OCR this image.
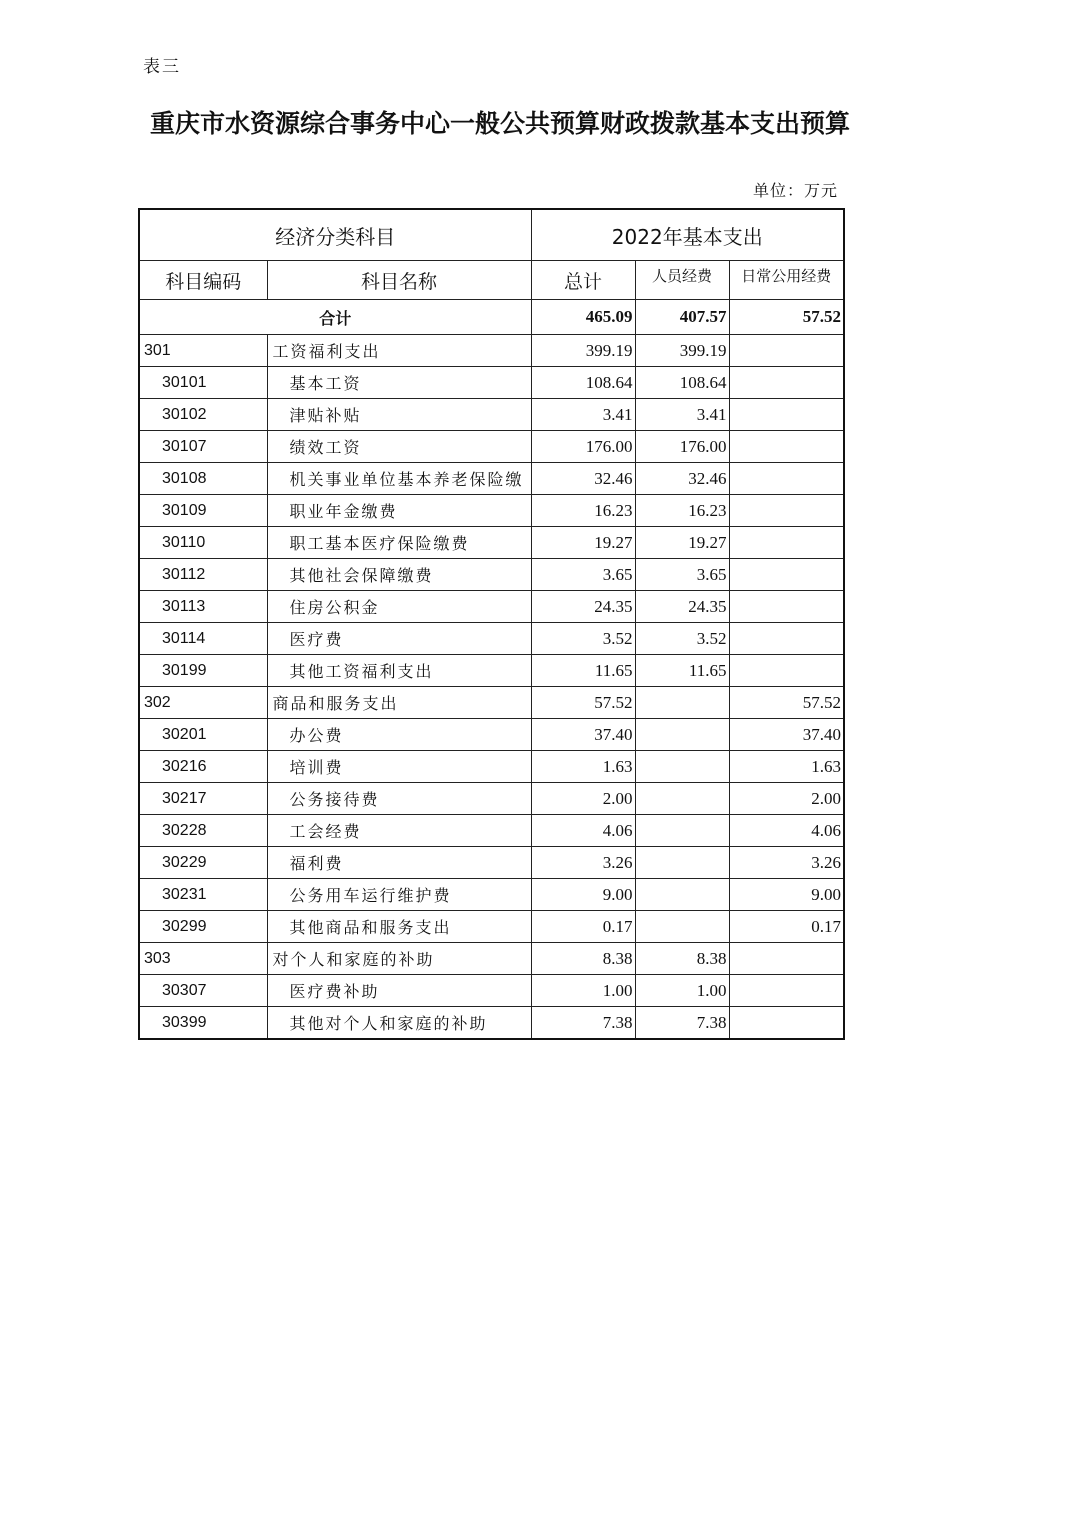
表三
重庆市水资源综合事务中心一般公共预算财政拨款基本支出预算
单位：万元
经济分类科目		2022年基本支出		
科目编码	科目名称	总计	人员经费	日常公用经费
合计		465.09	407.57	57.52
301	工资福利支出	399.19	399.19	
30101	基本工资	108.64	108.64	
30102	津贴补贴	3.41	3.41	
30107	绩效工资	176.00	176.00	
30108	机关事业单位基本养老保险缴	32.46	32.46	
30109	职业年金缴费	16.23	16.23	
30110	职工基本医疗保险缴费	19.27	19.27	
30112	其他社会保障缴费	3.65	3.65	
30113	住房公积金	24.35	24.35	
30114	医疗费	3.52	3.52	
30199	其他工资福利支出	11.65	11.65	
302	商品和服务支出	57.52		57.52
30201	办公费	37.40		37.40
30216	培训费	1.63		1.63
30217	公务接待费	2.00		2.00
30228	工会经费	4.06		4.06
30229	福利费	3.26		3.26
30231	公务用车运行维护费	9.00		9.00
30299	其他商品和服务支出	0.17		0.17
303	对个人和家庭的补助	8.38	8.38	
30307	医疗费补助	1.00	1.00	
30399	其他对个人和家庭的补助	7.38	7.38	
